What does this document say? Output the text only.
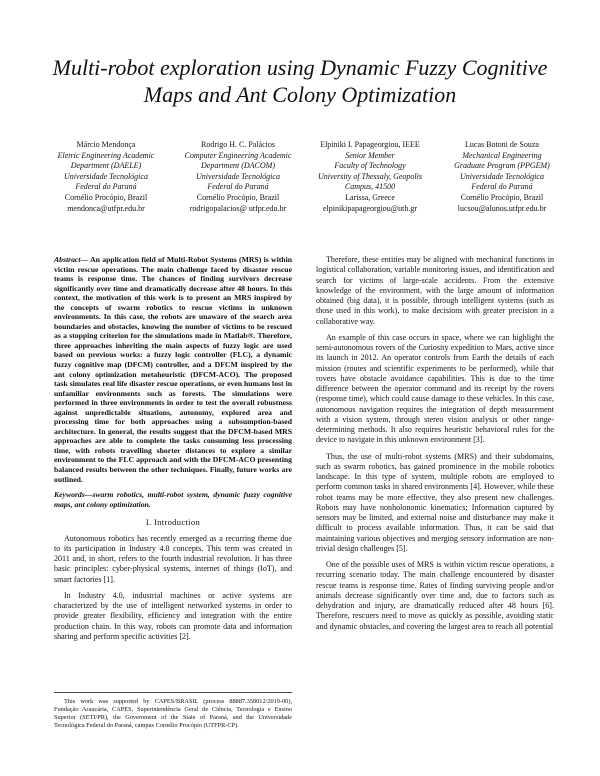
Multi-robot exploration using Dynamic Fuzzy Cognitive Maps and Ant Colony Optimization
Márcio Mendonça
Eletric Engineering Academic
Department (DAELE)
Universidade Tecnológica
Federal do Paraná
Cornélio Procópio, Brazil
mendonca@utfpr.edu.br
Rodrigo H. C. Palácios
Computer Engineering Academic
Department (DACOM)
Universidade Tecnológica
Federal do Paraná
Cornélio Procópio, Brazil
rodrigopalacios@ utfpr.edu.br
Elpiniki I. Papageorgiou, IEEE
Senior Member
Faculty of Technology
University of Thessaly, Geopolis
Campus, 41500
Larissa, Greece
elpinikipapageorgiou@uth.gr
Lucas Botoni de Souza
Mechanical Engineering
Graduate Program (PPGEM)
Universidade Tecnológica
Federal do Paraná
Cornélio Procópio, Brazil
lucsou@alunos.utfpr.edu.br
Abstract— An application field of Multi-Robot Systems (MRS) is within victim rescue operations. The main challenge faced by disaster rescue teams is response time. The chances of finding survivors decrease significantly over time and dramatically decrease after 48 hours. In this context, the motivation of this work is to present an MRS inspired by the concepts of swarm robotics to rescue victims in unknown environments. In this case, the robots are unaware of the search area boundaries and obstacles, knowing the number of victims to be rescued as a stopping criterion for the simulations made in Matlab®. Therefore, three approaches inheriting the main aspects of fuzzy logic are used based on previous works: a fuzzy logic controller (FLC), a dynamic fuzzy cognitive map (DFCM) controller, and a DFCM inspired by the ant colony optimization metaheuristic (DFCM-ACO). The proposed task simulates real life disaster rescue operations, or even humans lost in unfamiliar environments such as forests. The simulations were performed in three environments in order to test the overall robustness against unpredictable situations, autonomy, explored area and processing time for both approaches using a subsumption-based architecture. In general, the results suggest that the DFCM-based MRS approaches are able to complete the tasks consuming less processing time, with robots travelling shorter distances to explore a similar environment to the FLC approach and with the DFCM-ACO presenting balanced results between the other techniques. Finally, future works are outlined.
Keywords—swarm robotics, multi-robot system, dynamic fuzzy cognitive maps, ant colony optimization.
I. Introduction

Autonomous robotics has recently emerged as a recurring theme due to its participation in Industry 4.0 concepts. This term was created in 2011 and, in short, refers to the fourth industrial revolution. It has three basic principles: cyber-physical systems, internet of things (IoT), and smart factories [1].

In Industry 4.0, industrial machines or active systems are characterized by the use of intelligent networked systems in order to provide greater flexibility, efficiency and integration with the entire production chain. In this way, robots can promote data and information sharing and perform specific activities [2].

Therefore, these entities may be aligned with mechanical functions in logistical collaboration, variable monitoring issues, and identification and search for victims of large-scale accidents. From the extensive knowledge of the environment, with the large amount of information obtained (big data), it is possible, through intelligent systems (such as those used in this work), to make decisions with greater precision in a collaborative way.

An example of this case occurs in space, where we can highlight the semi-autonomous rovers of the Curiosity expedition to Mars, active since its launch in 2012. An operator controls from Earth the details of each mission (routes and scientific experiments to be performed), while that rovers have obstacle avoidance capabilities. This is due to the time difference between the operator command and its receipt by the rovers (response time), which could cause damage to these vehicles. In this case, autonomous navigation requires the integration of depth measurement with a vision system, through stereo vision analysis or other range-determining methods. It also requires heuristic behavioral rules for the device to navigate in this unknown environment [3].

Thus, the use of multi-robot systems (MRS) and their subdomains, such as swarm robotics, has gained prominence in the mobile robotics landscape. In this type of system, multiple robots are employed to perform common tasks in shared environments [4]. However, while these robot teams may be more effective, they also present new challenges. Robots may have nonholonomic kinematics; Information captured by sensors may be limited, and external noise and disturbance may make it difficult to process available information. Thus, it can be said that maintaining various objectives and merging sensory information are non-trivial design challenges [5].

One of the possible uses of MRS is within victim rescue operations, a recurring scenario today. The main challenge encountered by disaster rescue teams is response time. Rates of finding surviving people and/or animals decrease significantly over time and, due to factors such as dehydration and injury, are dramatically reduced after 48 hours [6]. Therefore, rescuers need to move as quickly as possible, avoiding static and dynamic obstacles, and covering the largest area to reach all potential

This work was supported by CAPES/BRASIL (process 88887.350012/2019-00), Fundação Araucária, CAPES, Superintendência Geral de Ciência, Tecnologia e Ensino Superior (SETI/PR), the Government of the State of Paraná, and the Universidade Tecnológica Federal do Paraná, campus Cornélio Procópio (UTFPR-CP).
